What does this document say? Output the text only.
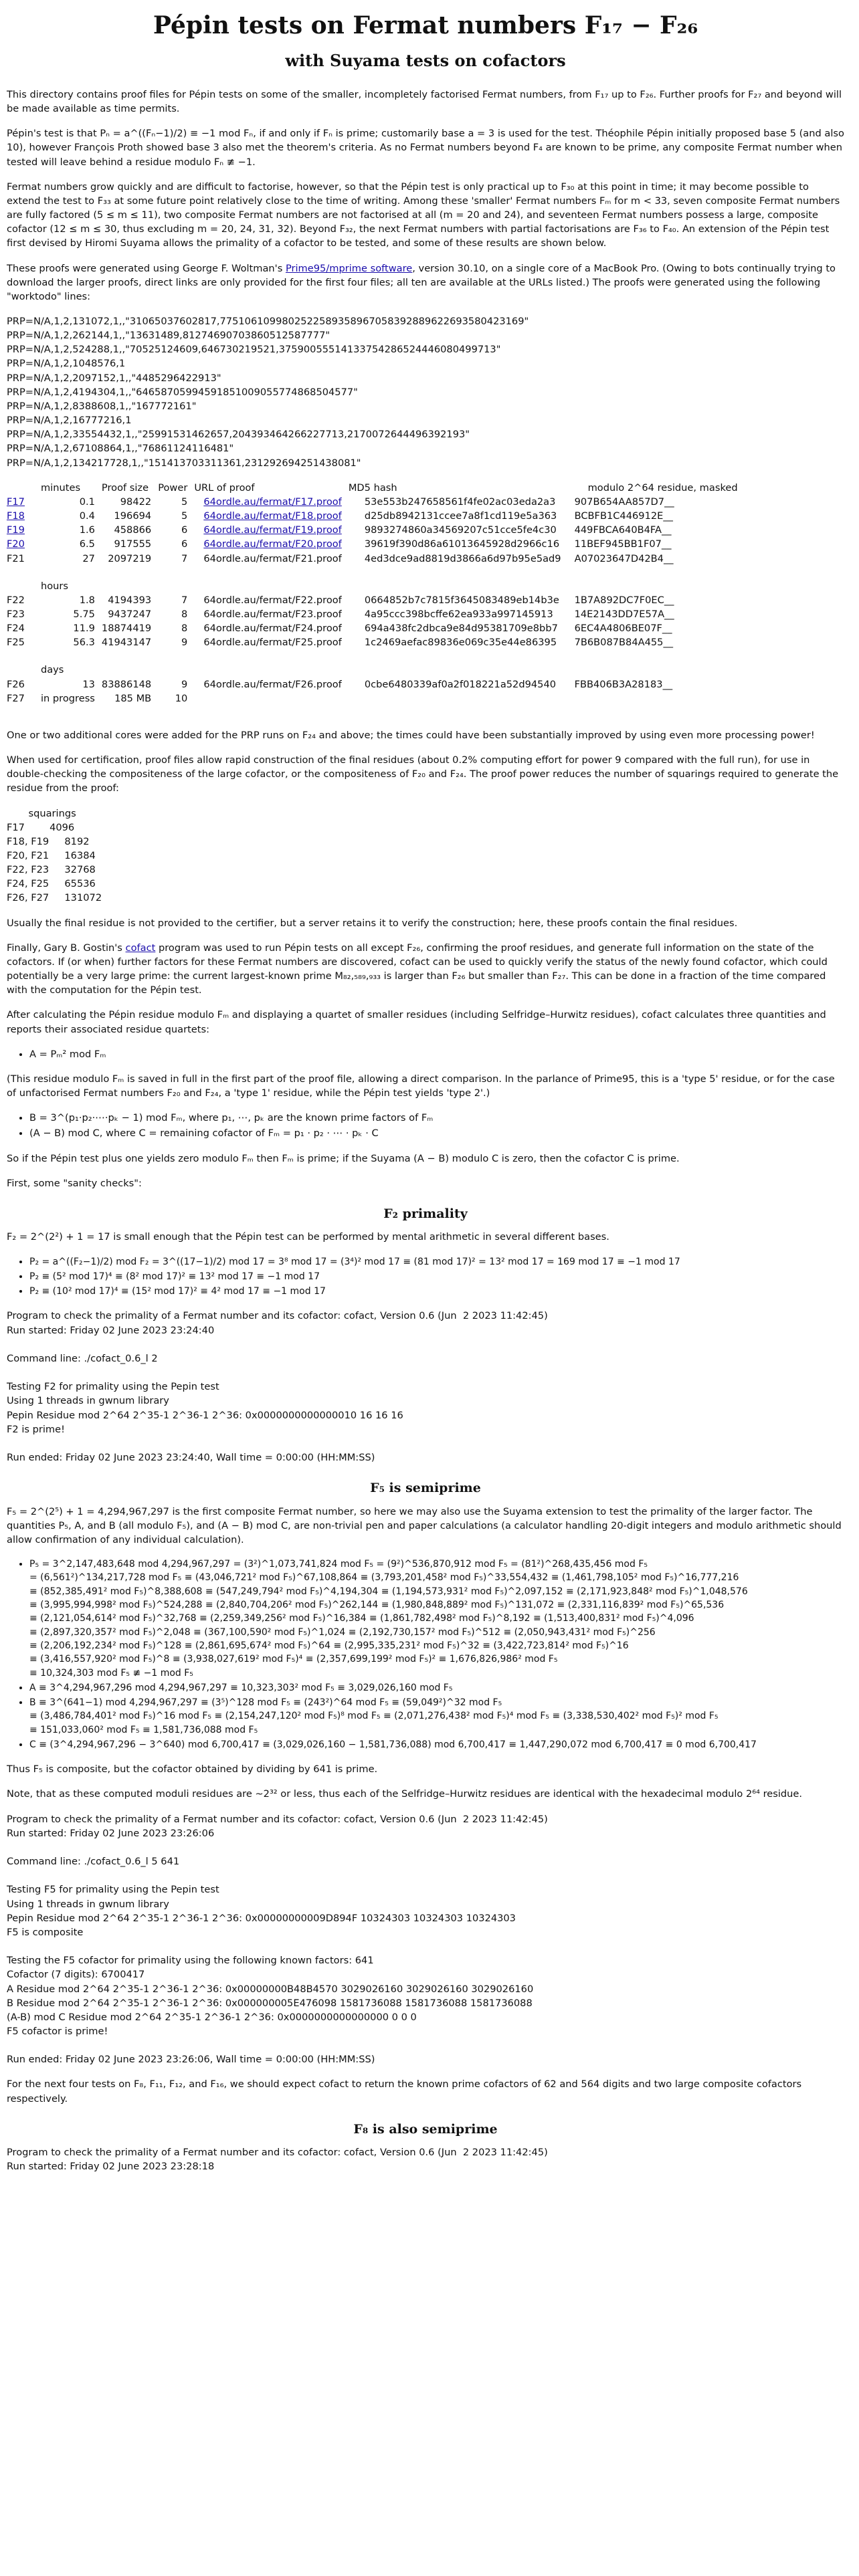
Pépin tests on Fermat numbers F₁₇ − F₂₆
with Suyama tests on cofactors

This directory contains proof files for Pépin tests on some of the smaller, incompletely factorised Fermat numbers, from F₁₇ up to F₂₆. Further proofs for F₂₇ and beyond will be made available as time permits.

Pépin's test is that Pₙ = a^((Fₙ−1)/2) ≡ −1 mod Fₙ, if and only if Fₙ is prime; customarily base a = 3 is used for the test. Théophile Pépin initially proposed base 5 (and also 10), however François Proth showed base 3 also met the theorem's criteria. As no Fermat numbers beyond F₄ are known to be prime, any composite Fermat number when tested will leave behind a residue modulo Fₙ ≢ −1.

Fermat numbers grow quickly and are difficult to factorise, however, so that the Pépin test is only practical up to F₃₀ at this point in time; it may become possible to extend the test to F₃₃ at some future point relatively close to the time of writing. Among these 'smaller' Fermat numbers Fₘ for m < 33, seven composite Fermat numbers are fully factored (5 ≤ m ≤ 11), two composite Fermat numbers are not factorised at all (m = 20 and 24), and seventeen Fermat numbers possess a large, composite cofactor (12 ≤ m ≤ 30, thus excluding m = 20, 24, 31, 32). Beyond F₃₂, the next Fermat numbers with partial factorisations are F₃₆ to F₄₀. An extension of the Pépin test first devised by Hiromi Suyama allows the primality of a cofactor to be tested, and some of these results are shown below.

These proofs were generated using George F. Woltman's Prime95/mprime software, version 30.10, on a single core of a MacBook Pro. (Owing to bots continually trying to download the larger proofs, direct links are only provided for the first four files; all ten are available at the URLs listed.) The proofs were generated using the following "worktodo" lines:

PRP=N/A,1,2,131072,1,,"31065037602817,7751061099802522589358967058392889622693580423169"
PRP=N/A,1,2,262144,1,,"13631489,81274690703860512587777"
PRP=N/A,1,2,524288,1,,"70525124609,646730219521,37590055514133754286524446080499713"
PRP=N/A,1,2,1048576,1
PRP=N/A,1,2,2097152,1,,"4485296422913"
PRP=N/A,1,2,4194304,1,,"64658705994591851009055774868504577"
PRP=N/A,1,2,8388608,1,,"167772161"
PRP=N/A,1,2,16777216,1
PRP=N/A,1,2,33554432,1,,"25991531462657,204393464266227713,2170072644496392193"
PRP=N/A,1,2,67108864,1,,"76861124116481"
PRP=N/A,1,2,134217728,1,,"151413703311361,231292694251438081"
	minutes	Proof size	Power	URL of proof	MD5 hash	modulo 2^64 residue, masked
F17	0.1	98422	5	64ordle.au/fermat/F17.proof	53e553b247658561f4fe02ac03eda2a3	907B654AA857D7__
F18	0.4	196694	5	64ordle.au/fermat/F18.proof	d25db8942131ccee7a8f1cd119e5a363	BCBFB1C446912E__
F19	1.6	458866	6	64ordle.au/fermat/F19.proof	9893274860a34569207c51cce5fe4c30	449FBCA640B4FA__
F20	6.5	917555	6	64ordle.au/fermat/F20.proof	39619f390d86a61013645928d2966c16	11BEF945BB1F07__
F21	27	2097219	7	64ordle.au/fermat/F21.proof	4ed3dce9ad8819d3866a6d97b95e5ad9	A07023647D42B4__
	hours					
F22	1.8	4194393	7	64ordle.au/fermat/F22.proof	0664852b7c7815f3645083489eb14b3e	1B7A892DC7F0EC__
F23	5.75	9437247	8	64ordle.au/fermat/F23.proof	4a95ccc398bcffe62ea933a997145913	14E2143DD7E57A__
F24	11.9	18874419	8	64ordle.au/fermat/F24.proof	694a438fc2dbca9e84d95381709e8bb7	6EC4A4806BE07F__
F25	56.3	41943147	9	64ordle.au/fermat/F25.proof	1c2469aefac89836e069c35e44e86395	7B6B087B84A455__
	days					
F26	13	83886148	9	64ordle.au/fermat/F26.proof	0cbe6480339af0a2f018221a52d94540	FBB406B3A28183__
F27	in progress	185 MB	10			

One or two additional cores were added for the PRP runs on F₂₄ and above; the times could have been substantially improved by using even more processing power!

When used for certification, proof files allow rapid construction of the final residues (about 0.2% computing effort for power 9 compared with the full run), for use in double-checking the compositeness of the large cofactor, or the compositeness of F₂₀ and F₂₄. The proof power reduces the number of squarings required to generate the residue from the proof:

squarings
F17        4096
F18, F19     8192
F20, F21     16384
F22, F23     32768
F24, F25     65536
F26, F27     131072

Usually the final residue is not provided to the certifier, but a server retains it to verify the construction; here, these proofs contain the final residues.

Finally, Gary B. Gostin's cofact program was used to run Pépin tests on all except F₂₆, confirming the proof residues, and generate full information on the state of the cofactors. If (or when) further factors for these Fermat numbers are discovered, cofact can be used to quickly verify the status of the newly found cofactor, which could potentially be a very large prime: the current largest-known prime M₈₂,₅₈₉,₉₃₃ is larger than F₂₆ but smaller than F₂₇. This can be done in a fraction of the time compared with the computation for the Pépin test.

After calculating the Pépin residue modulo Fₘ and displaying a quartet of smaller residues (including Selfridge–Hurwitz residues), cofact calculates three quantities and reports their associated residue quartets:

• A = Pₘ² mod Fₘ

(This residue modulo Fₘ is saved in full in the first part of the proof file, allowing a direct comparison. In the parlance of Prime95, this is a 'type 5' residue, or for the case of unfactorised Fermat numbers F₂₀ and F₂₄, a 'type 1' residue, while the Pépin test yields 'type 2'.)

• B = 3^(p₁·p₂·⋯·pₖ − 1) mod Fₘ, where p₁, ⋯, pₖ are the known prime factors of Fₘ
• (A − B) mod C, where C = remaining cofactor of Fₘ = p₁ · p₂ · ⋯ · pₖ · C

So if the Pépin test plus one yields zero modulo Fₘ then Fₘ is prime; if the Suyama (A − B) modulo C is zero, then the cofactor C is prime.

First, some "sanity checks":

F₂ primality

F₂ = 2^(2²) + 1 = 17 is small enough that the Pépin test can be performed by mental arithmetic in several different bases.

• P₂ = a^((F₂−1)/2) mod F₂ = 3^((17−1)/2) mod 17 = 3⁸ mod 17 = (3⁴)² mod 17 ≡ (81 mod 17)² = 13² mod 17 = 169 mod 17 ≡ −1 mod 17
• P₂ ≡ (5² mod 17)⁴ ≡ (8² mod 17)² ≡ 13² mod 17 ≡ −1 mod 17
• P₂ ≡ (10² mod 17)⁴ ≡ (15² mod 17)² ≡ 4² mod 17 ≡ −1 mod 17
Program to check the primality of a Fermat number and its cofactor: cofact, Version 0.6 (Jun  2 2023 11:42:45)
Run started: Friday 02 June 2023 23:24:40

Command line: ./cofact_0.6_l 2

Testing F2 for primality using the Pepin test
Using 1 threads in gwnum library
Pepin Residue mod 2^64 2^35-1 2^36-1 2^36: 0x0000000000000010 16 16 16
F2 is prime!

Run ended: Friday 02 June 2023 23:24:40, Wall time = 0:00:00 (HH:MM:SS)
F₅ is semiprime

F₅ = 2^(2⁵) + 1 = 4,294,967,297 is the first composite Fermat number, so here we may also use the Suyama extension to test the primality of the larger factor. The quantities P₅, A, and B (all modulo F₅), and (A − B) mod C, are non-trivial pen and paper calculations (a calculator handling 20-digit integers and modulo arithmetic should allow confirmation of any individual calculation).

• P₅ = 3^2,147,483,648 mod 4,294,967,297 = (3²)^1,073,741,824 mod F₅ = (9²)^536,870,912 mod F₅ = (81²)^268,435,456 mod F₅
= (6,561²)^134,217,728 mod F₅ ≡ (43,046,721² mod F₅)^67,108,864 ≡ (3,793,201,458² mod F₅)^33,554,432 ≡ (1,461,798,105² mod F₅)^16,777,216
≡ (852,385,491² mod F₅)^8,388,608 ≡ (547,249,794² mod F₅)^4,194,304 ≡ (1,194,573,931² mod F₅)^2,097,152 ≡ (2,171,923,848² mod F₅)^1,048,576
≡ (3,995,994,998² mod F₅)^524,288 ≡ (2,840,704,206² mod F₅)^262,144 ≡ (1,980,848,889² mod F₅)^131,072 ≡ (2,331,116,839² mod F₅)^65,536
≡ (2,121,054,614² mod F₅)^32,768 ≡ (2,259,349,256² mod F₅)^16,384 ≡ (1,861,782,498² mod F₅)^8,192 ≡ (1,513,400,831² mod F₅)^4,096
≡ (2,897,320,357² mod F₅)^2,048 ≡ (367,100,590² mod F₅)^1,024 ≡ (2,192,730,157² mod F₅)^512 ≡ (2,050,943,431² mod F₅)^256
≡ (2,206,192,234² mod F₅)^128 ≡ (2,861,695,674² mod F₅)^64 ≡ (2,995,335,231² mod F₅)^32 ≡ (3,422,723,814² mod F₅)^16
≡ (3,416,557,920² mod F₅)^8 ≡ (3,938,027,619² mod F₅)⁴ ≡ (2,357,699,199² mod F₅)² ≡ 1,676,826,986² mod F₅
≡ 10,324,303 mod F₅ ≢ −1 mod F₅
• A ≡ 3^4,294,967,296 mod 4,294,967,297 ≡ 10,323,303² mod F₅ ≡ 3,029,026,160 mod F₅
• B ≡ 3^(641−1) mod 4,294,967,297 ≡ (3⁵)^128 mod F₅ ≡ (243²)^64 mod F₅ ≡ (59,049²)^32 mod F₅
≡ (3,486,784,401² mod F₅)^16 mod F₅ ≡ (2,154,247,120² mod F₅)⁸ mod F₅ ≡ (2,071,276,438² mod F₅)⁴ mod F₅ ≡ (3,338,530,402² mod F₅)² mod F₅
≡ 151,033,060² mod F₅ ≡ 1,581,736,088 mod F₅
• C ≡ (3^4,294,967,296 − 3^640) mod 6,700,417 ≡ (3,029,026,160 − 1,581,736,088) mod 6,700,417 ≡ 1,447,290,072 mod 6,700,417 ≡ 0 mod 6,700,417

Thus F₅ is composite, but the cofactor obtained by dividing by 641 is prime.

Note, that as these computed moduli residues are ~2³² or less, thus each of the Selfridge–Hurwitz residues are identical with the hexadecimal modulo 2⁶⁴ residue.

Program to check the primality of a Fermat number and its cofactor: cofact, Version 0.6 (Jun  2 2023 11:42:45)
Run started: Friday 02 June 2023 23:26:06

Command line: ./cofact_0.6_l 5 641

Testing F5 for primality using the Pepin test
Using 1 threads in gwnum library
Pepin Residue mod 2^64 2^35-1 2^36-1 2^36: 0x00000000009D894F 10324303 10324303 10324303
F5 is composite

Testing the F5 cofactor for primality using the following known factors: 641
Cofactor (7 digits): 6700417
A Residue mod 2^64 2^35-1 2^36-1 2^36: 0x00000000B48B4570 3029026160 3029026160 3029026160
B Residue mod 2^64 2^35-1 2^36-1 2^36: 0x000000005E476098 1581736088 1581736088 1581736088
(A-B) mod C Residue mod 2^64 2^35-1 2^36-1 2^36: 0x0000000000000000 0 0 0
F5 cofactor is prime!

Run ended: Friday 02 June 2023 23:26:06, Wall time = 0:00:00 (HH:MM:SS)

For the next four tests on F₈, F₁₁, F₁₂, and F₁₆, we should expect cofact to return the known prime cofactors of 62 and 564 digits and two large composite cofactors respectively.

F₈ is also semiprime
Program to check the primality of a Fermat number and its cofactor: cofact, Version 0.6 (Jun  2 2023 11:42:45)
Run started: Friday 02 June 2023 23:28:18
